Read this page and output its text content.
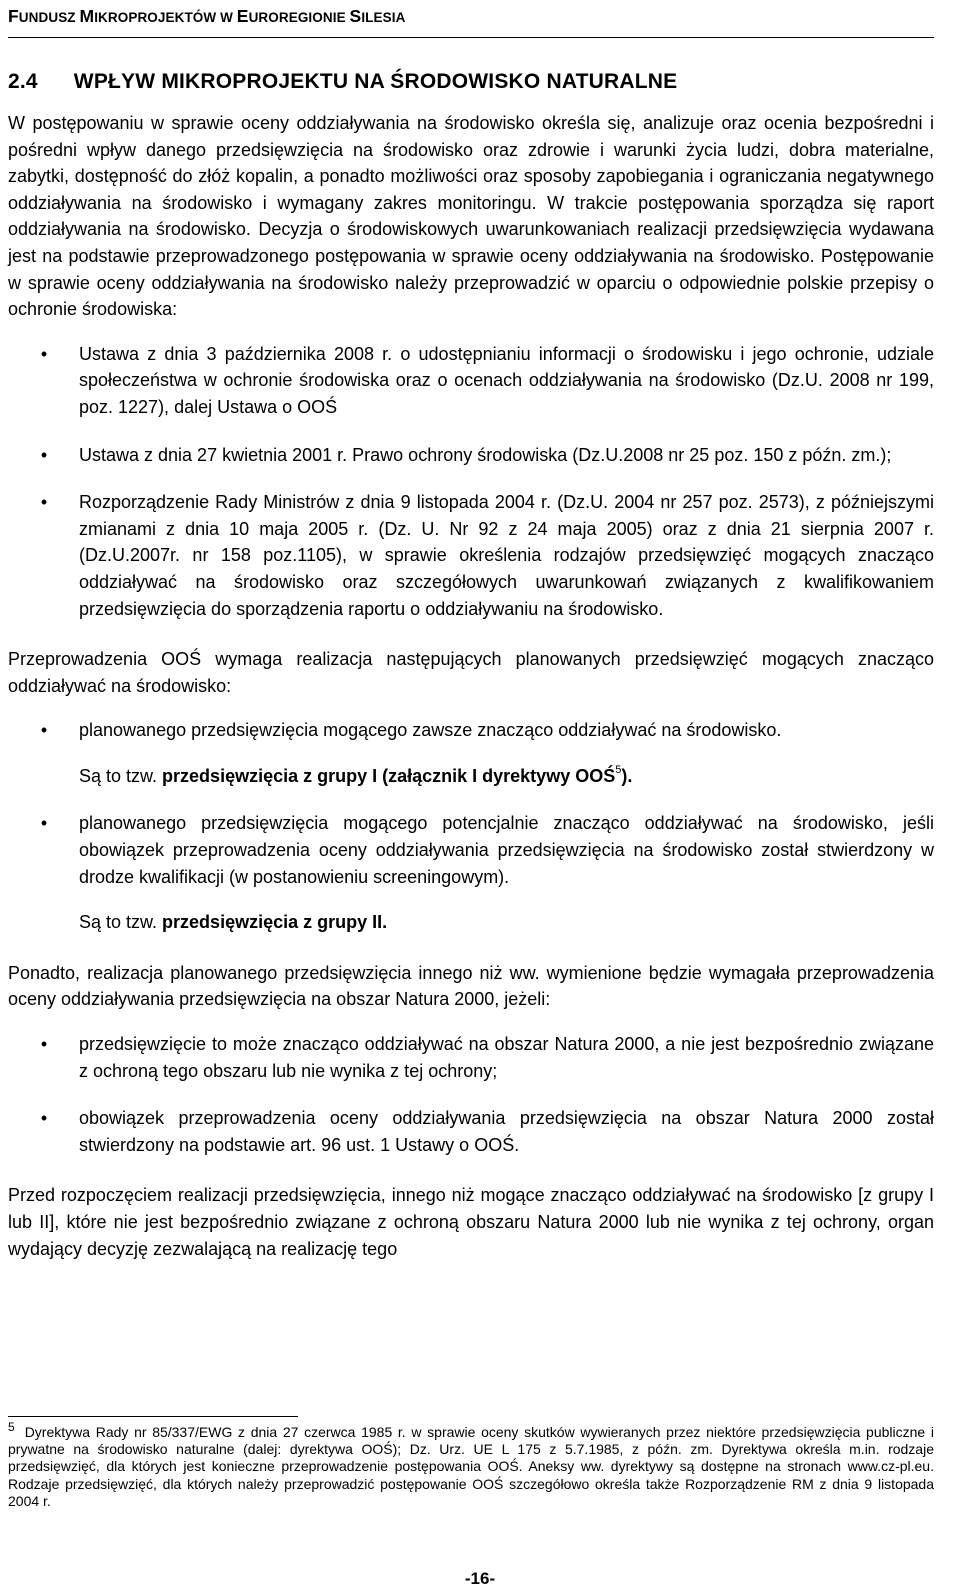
FUNDUSZ MIKROPROJEKTÓW W EUROREGIONIE SILESIA
2.4 WPŁYW MIKROPROJEKTU NA ŚRODOWISKO NATURALNE

W postępowaniu w sprawie oceny oddziaływania na środowisko określa się, analizuje oraz ocenia bezpośredni i pośredni wpływ danego przedsięwzięcia na środowisko oraz zdrowie i warunki życia ludzi, dobra materialne, zabytki, dostępność do złóż kopalin, a ponadto możliwości oraz sposoby zapobiegania i ograniczania negatywnego oddziaływania na środowisko i wymagany zakres monitoringu. W trakcie postępowania sporządza się raport oddziaływania na środowisko. Decyzja o środowiskowych uwarunkowaniach realizacji przedsięwzięcia wydawana jest na podstawie przeprowadzonego postępowania w sprawie oceny oddziaływania na środowisko. Postępowanie w sprawie oceny oddziaływania na środowisko należy przeprowadzić w oparciu o odpowiednie polskie przepisy o ochronie środowiska:

• Ustawa z dnia 3 października 2008 r. o udostępnianiu informacji o środowisku i jego ochronie, udziale społeczeństwa w ochronie środowiska oraz o ocenach oddziaływania na środowisko (Dz.U. 2008 nr 199, poz. 1227), dalej Ustawa o OOŚ
• Ustawa z dnia 27 kwietnia 2001 r. Prawo ochrony środowiska (Dz.U.2008 nr 25 poz. 150 z późn. zm.);
• Rozporządzenie Rady Ministrów z dnia 9 listopada 2004 r. (Dz.U. 2004 nr 257 poz. 2573), z późniejszymi zmianami z dnia 10 maja 2005 r. (Dz. U. Nr 92 z 24 maja 2005) oraz z dnia 21 sierpnia 2007 r. (Dz.U.2007r. nr 158 poz.1105), w sprawie określenia rodzajów przedsięwzięć mogących znacząco oddziaływać na środowisko oraz szczegółowych uwarunkowań związanych z kwalifikowaniem przedsięwzięcia do sporządzenia raportu o oddziaływaniu na środowisko.

Przeprowadzenia OOŚ wymaga realizacja następujących planowanych przedsięwzięć mogących znacząco oddziaływać na środowisko:

• planowanego przedsięwzięcia mogącego zawsze znacząco oddziaływać na środowisko.
Są to tzw. przedsięwzięcia z grupy I (załącznik I dyrektywy OOŚ$^5$).
• planowanego przedsięwzięcia mogącego potencjalnie znacząco oddziaływać na środowisko, jeśli obowiązek przeprowadzenia oceny oddziaływania przedsięwzięcia na środowisko został stwierdzony w drodze kwalifikacji (w postanowieniu screeningowym).
Są to tzw. przedsięwzięcia z grupy II.

Ponadto, realizacja planowanego przedsięwzięcia innego niż ww. wymienione będzie wymagała przeprowadzenia oceny oddziaływania przedsięwzięcia na obszar Natura 2000, jeżeli:

• przedsięwzięcie to może znacząco oddziaływać na obszar Natura 2000, a nie jest bezpośrednio związane z ochroną tego obszaru lub nie wynika z tej ochrony;
• obowiązek przeprowadzenia oceny oddziaływania przedsięwzięcia na obszar Natura 2000 został stwierdzony na podstawie art. 96 ust. 1 Ustawy o OOŚ.

Przed rozpoczęciem realizacji przedsięwzięcia, innego niż mogące znacząco oddziaływać na środowisko [z grupy I lub II], które nie jest bezpośrednio związane z ochroną obszaru Natura 2000 lub nie wynika z tej ochrony, organ wydający decyzję zezwalającą na realizację tego

5 Dyrektywa Rady nr 85/337/EWG z dnia 27 czerwca 1985 r. w sprawie oceny skutków wywieranych przez niektóre przedsięwzięcia publiczne i prywatne na środowisko naturalne (dalej: dyrektywa OOŚ); Dz. Urz. UE L 175 z 5.7.1985, z późn. zm. Dyrektywa określa m.in. rodzaje przedsięwzięć, dla których jest konieczne przeprowadzenie postępowania OOŚ. Aneksy ww. dyrektywy są dostępne na stronach www.cz-pl.eu. Rodzaje przedsięwzięć, dla których należy przeprowadzić postępowanie OOŚ szczegółowo określa także Rozporządzenie RM z dnia 9 listopada 2004 r.
-16-
